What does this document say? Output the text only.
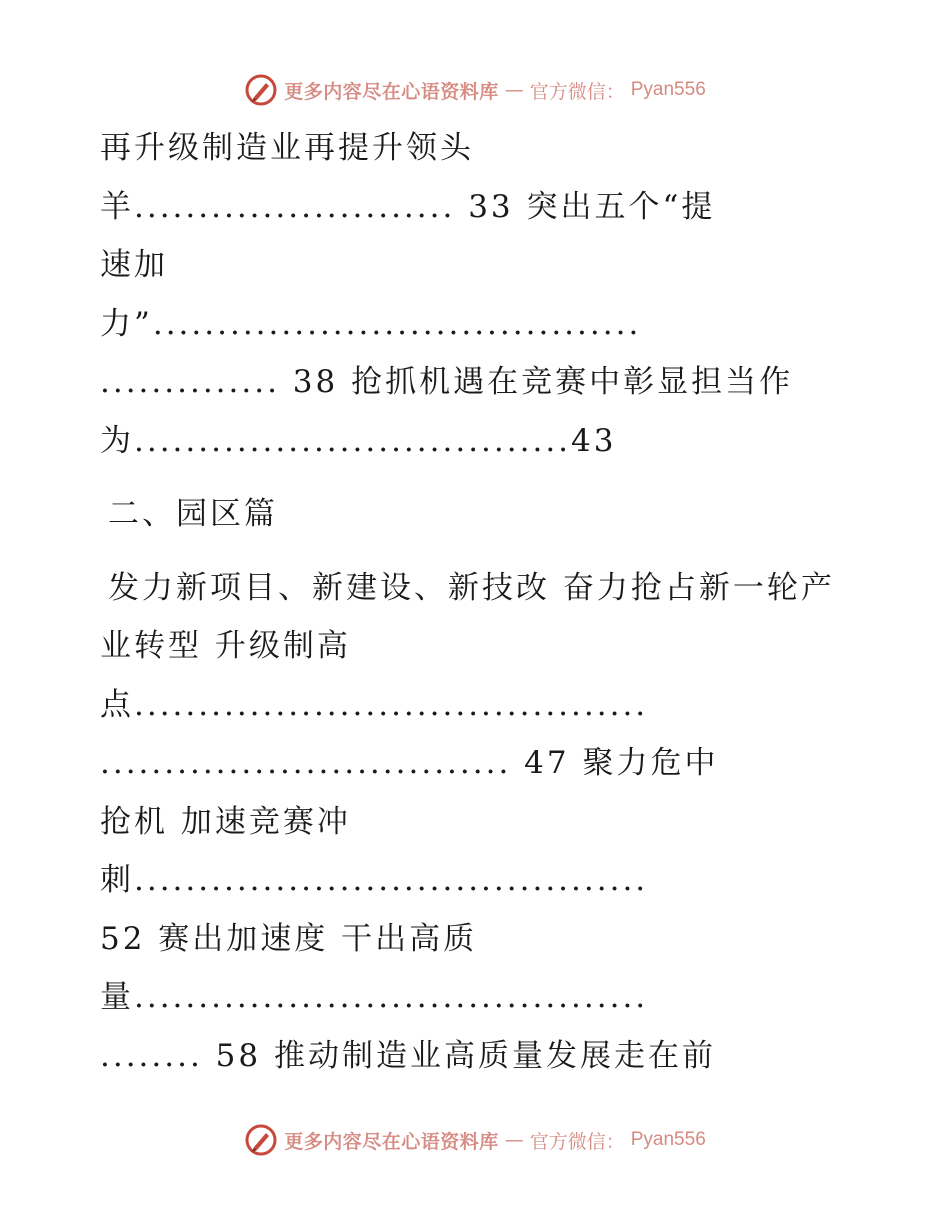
更多内容尽在心语资料库 — 官方微信： Pyan556
再升级制造业再提升领头
羊......................... 33 突出五个“提
速加
力”......................................
.............. 38 抢抓机遇在竞赛中彰显担当作
为..................................43
二、园区篇
发力新项目、新建设、新技改 奋力抢占新一轮产
业转型 升级制高
点........................................
................................ 47 聚力危中
抢机 加速竞赛冲
刺........................................
52 赛出加速度 干出高质
量........................................
........ 58 推动制造业高质量发展走在前
更多内容尽在心语资料库 — 官方微信： Pyan556
